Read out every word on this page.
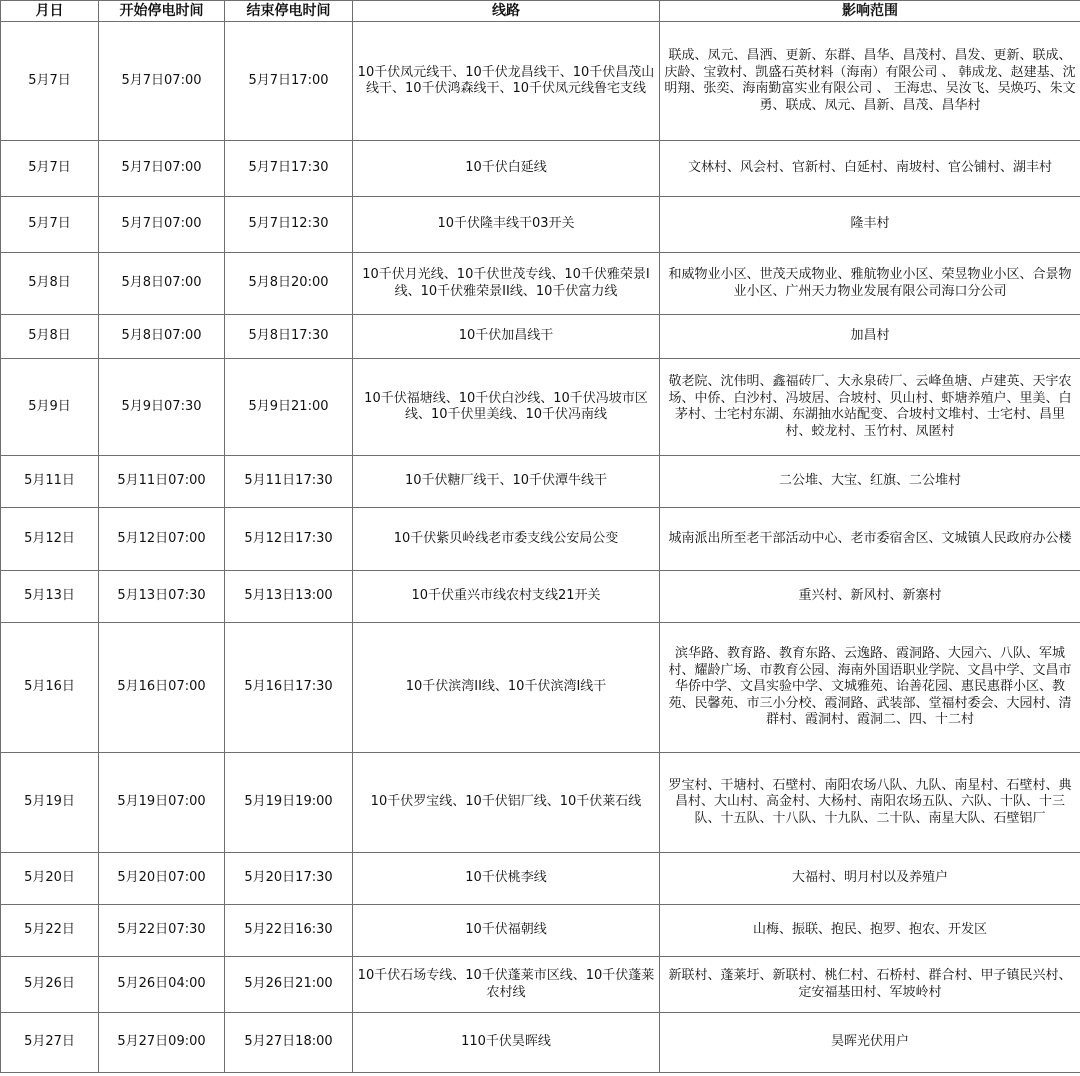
月日	开始停电时间	结束停电时间	线路	影响范围
5月7日	5月7日07:00	5月7日17:00	10千伏凤元线干、10千伏龙昌线干、10千伏昌茂山线干、10千伏鸿森线干、10千伏凤元线鲁宅支线	联成、凤元、昌洒、更新、东群、昌华、昌茂村、昌发、更新、联成、庆龄、宝敦村、凯盛石英材料（海南）有限公司 、 韩成龙、赵建基、沈明翔、张奕、海南勤富实业有限公司 、 王海忠、吴汝飞、吴焕巧、朱文勇、联成、凤元、昌新、昌茂、昌华村
5月7日	5月7日07:00	5月7日17:30	10千伏白延线	文林村、风会村、官新村、白延村、南坡村、官公铺村、湖丰村
5月7日	5月7日07:00	5月7日12:30	10千伏隆丰线干03开关	隆丰村
5月8日	5月8日07:00	5月8日20:00	10千伏月光线、10千伏世茂专线、10千伏雅荣景I线、10千伏雅荣景II线、10千伏富力线	和威物业小区、世茂天成物业、雅航物业小区、荣昱物业小区、合景物业小区、广州天力物业发展有限公司海口分公司
5月8日	5月8日07:00	5月8日17:30	10千伏加昌线干	加昌村
5月9日	5月9日07:30	5月9日21:00	10千伏福塘线、10千伏白沙线、10千伏冯坡市区线、10千伏里美线、10千伏冯南线	敬老院、沈伟明、鑫福砖厂、大永泉砖厂、云峰鱼塘、卢建英、天宇农场、中侨、白沙村、冯坡居、合坡村、贝山村、虾塘养殖户、里美、白茅村、士宅村东湖、东湖抽水站配变、合坡村文堆村、士宅村、昌里村、蛟龙村、玉竹村、凤匿村
5月11日	5月11日07:00	5月11日17:30	10千伏糖厂线干、10千伏潭牛线干	二公堆、大宝、红旗、二公堆村
5月12日	5月12日07:00	5月12日17:30	10千伏紫贝岭线老市委支线公安局公变	城南派出所至老干部活动中心、老市委宿舍区、文城镇人民政府办公楼
5月13日	5月13日07:30	5月13日13:00	10千伏重兴市线农村支线21开关	重兴村、新风村、新寨村
5月16日	5月16日07:00	5月16日17:30	10千伏滨湾II线、10千伏滨湾I线干	滨华路、教育路、教育东路、云逸路、霞洞路、大园六、八队、军城村、耀龄广场、市教育公园、海南外国语职业学院、文昌中学、文昌市华侨中学、文昌实验中学、文城雅苑、诒善花园、惠民惠群小区、教苑、民馨苑、市三小分校、霞洞路、武装部、堂福村委会、大园村、清群村、霞洞村、霞洞二、四、十二村
5月19日	5月19日07:00	5月19日19:00	10千伏罗宝线、10千伏铝厂线、10千伏莱石线	罗宝村、干塘村、石壁村、南阳农场八队、九队、南星村、石壁村、典昌村、大山村、高金村、大杨村、南阳农场五队、六队、十队、十三队、十五队、十八队、十九队、二十队、南星大队、石壁铝厂
5月20日	5月20日07:00	5月20日17:30	10千伏桃李线	大福村、明月村以及养殖户
5月22日	5月22日07:30	5月22日16:30	10千伏福朝线	山梅、振联、抱民、抱罗、抱农、开发区
5月26日	5月26日04:00	5月26日21:00	10千伏石场专线、10千伏蓬莱市区线、10千伏蓬莱农村线	新联村、蓬莱圩、新联村、桃仁村、石桥村、群合村、甲子镇民兴村、定安福基田村、军坡岭村
5月27日	5月27日09:00	5月27日18:00	110千伏昊晖线	昊晖光伏用户
